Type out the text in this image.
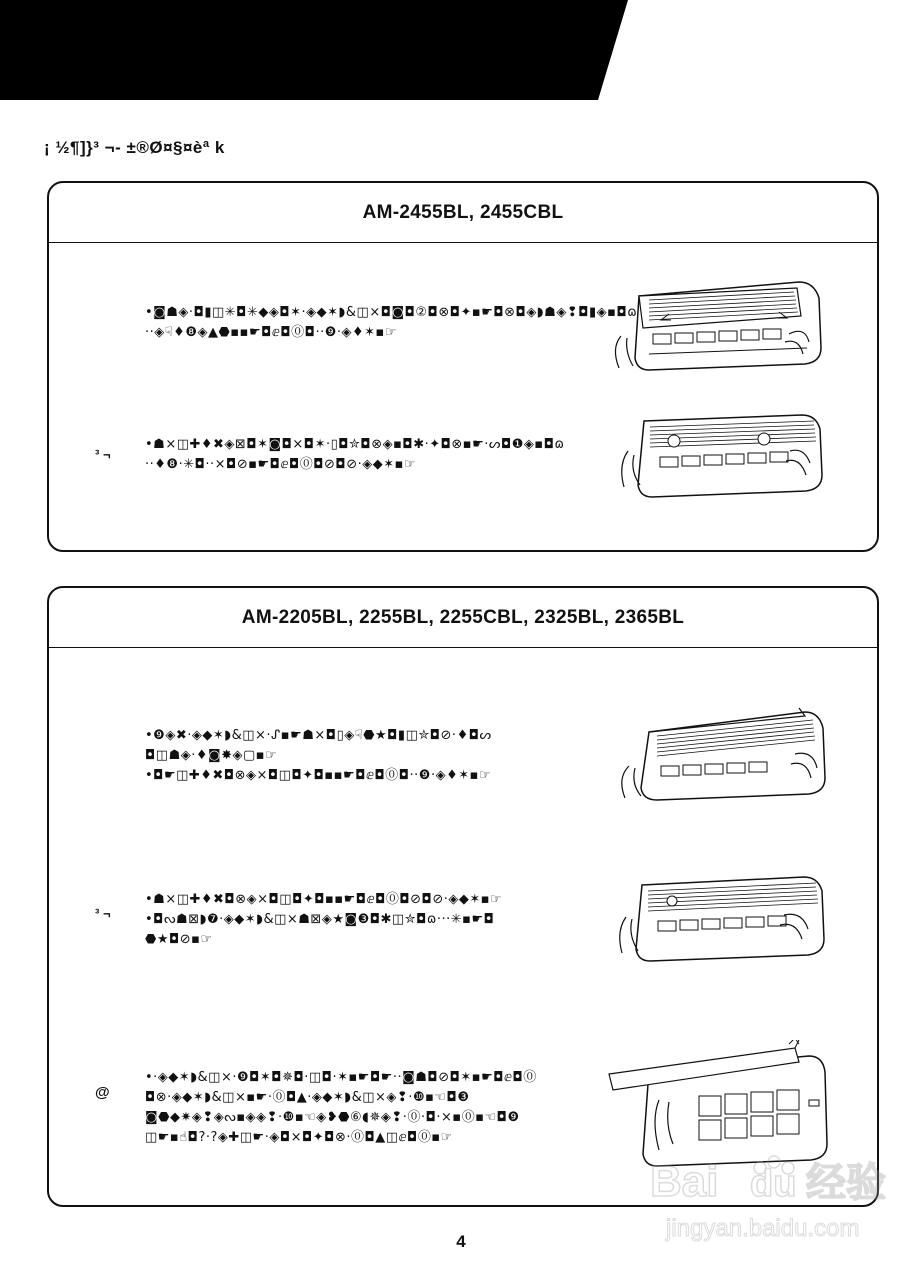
¡ ½¶]}³ ¬- ±®Ø¤§¤èª k
AM-2455BL, 2455CBL
•◙☗◈·◘▮◫✳◘✳◆◈◘✶·◈◆✶◗&◫×◘◙◘②◘⊗◘✦▪☛◘⊗◘◈◗☗◈❢◘▮◈▪◘ɷ
··◈☟♦❽◈▲⬣▪▪☛◘ⅇ◘⓪◘··❾·◈♦✶▪☞
³ ¬
•☗×◫✚♦✖◈⊠◘✶◙◘×◘✶·▯◘✮◘⊗◈▪◘✱·✦◘⊗▪☛·ᔕ◘❶◈▪◘ɷ
··♦❽·✳◘··×◘⊘▪☛◘ⅇ◘⓪◘⊘◘⊘·◈◆✶▪☞
AM-2205BL, 2255BL, 2255CBL, 2325BL, 2365BL
•❾◈✖·◈◆✶◗&◫×·ᔑ▪☛☗×◘▯◈☟⬣★◘▮◫✮◘⊘·♦◘ᔕ
◘◫☗◈·♦◙✸◈▢▪☞
•◘☛◫✚♦✖◘⊗◈×◘◫◘✦◘▪▪☛◘ⅇ◘⓪◘··❾·◈♦✶▪☞
³ ¬
•☗×◫✚♦✖◘⊗◈×◘◫◘✦◘▪▪☛◘ⅇ◘⓪◘⊘◘⊘·◈◆✶▪☞
•◘ᔓ☗⊠◗❼·◈◆✶◗&◫×☗⊠◈★◙❸◘✱◫✮◘ɷ···✳▪☛◘
⬣★◘⊘▪☞
@
•·◈◆✶◗&◫×·❾◘✶◘✵◘·◫◘·✶▪☛◘☛··◙☗◘⊘◘✶▪☛◘ⅇ◘⓪
◘⊗·◈◆✶◗&◫×▪☛·⓪◘▲·◈◆✶◗&◫×◈❢·❿▪☜◘❸
◙⬣◆✷◈❢◈ᔓ▪◈◈❢·❿▪☜◈❥⬣⑥◖✵◈❢·⓪·◘·×▪⓪▪☜◘❾
◫☛▪☝◘?·?◈✚◫☛·◈◘×◘✦◘⊗·⓪◘▲◫ⅇ◘⓪▪☞
4
Bai du 经验
jingyan.baidu.com
